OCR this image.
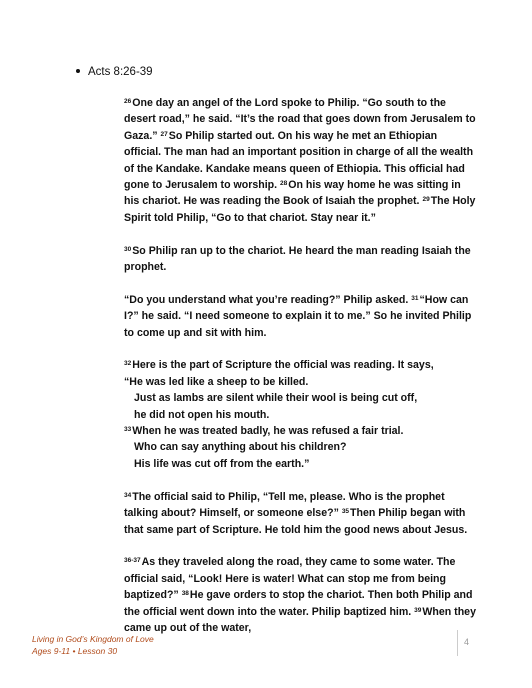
Acts 8:26-39

$^{26}$One day an angel of the Lord spoke to Philip. “Go south to the desert road,” he said. “It’s the road that goes down from Jerusalem to Gaza.” $^{27}$So Philip started out. On his way he met an Ethiopian official. The man had an important position in charge of all the wealth of the Kandake. Kandake means queen of Ethiopia. This official had gone to Jerusalem to worship. $^{28}$On his way home he was sitting in his chariot. He was reading the Book of Isaiah the prophet. $^{29}$The Holy Spirit told Philip, “Go to that chariot. Stay near it.”

$^{30}$So Philip ran up to the chariot. He heard the man reading Isaiah the prophet.

“Do you understand what you’re reading?” Philip asked. $^{31}$“How can I?” he said. “I need someone to explain it to me.” So he invited Philip to come up and sit with him.

$^{32}$Here is the part of Scripture the official was reading. It says,

“He was led like a sheep to be killed.
Just as lambs are silent while their wool is being cut off,
he did not open his mouth.
$^{33}$When he was treated badly, he was refused a fair trial.
Who can say anything about his children?
His life was cut off from the earth.”

$^{34}$The official said to Philip, “Tell me, please. Who is the prophet talking about? Himself, or someone else?” $^{35}$Then Philip began with that same part of Scripture. He told him the good news about Jesus.

$^{36-37}$As they traveled along the road, they came to some water. The official said, “Look! Here is water! What can stop me from being baptized?” $^{38}$He gave orders to stop the chariot. Then both Philip and the official went down into the water. Philip baptized him. $^{39}$When they came up out of the water,

Living in God’s Kingdom of Love
Ages 9-11 • Lesson 30
4
